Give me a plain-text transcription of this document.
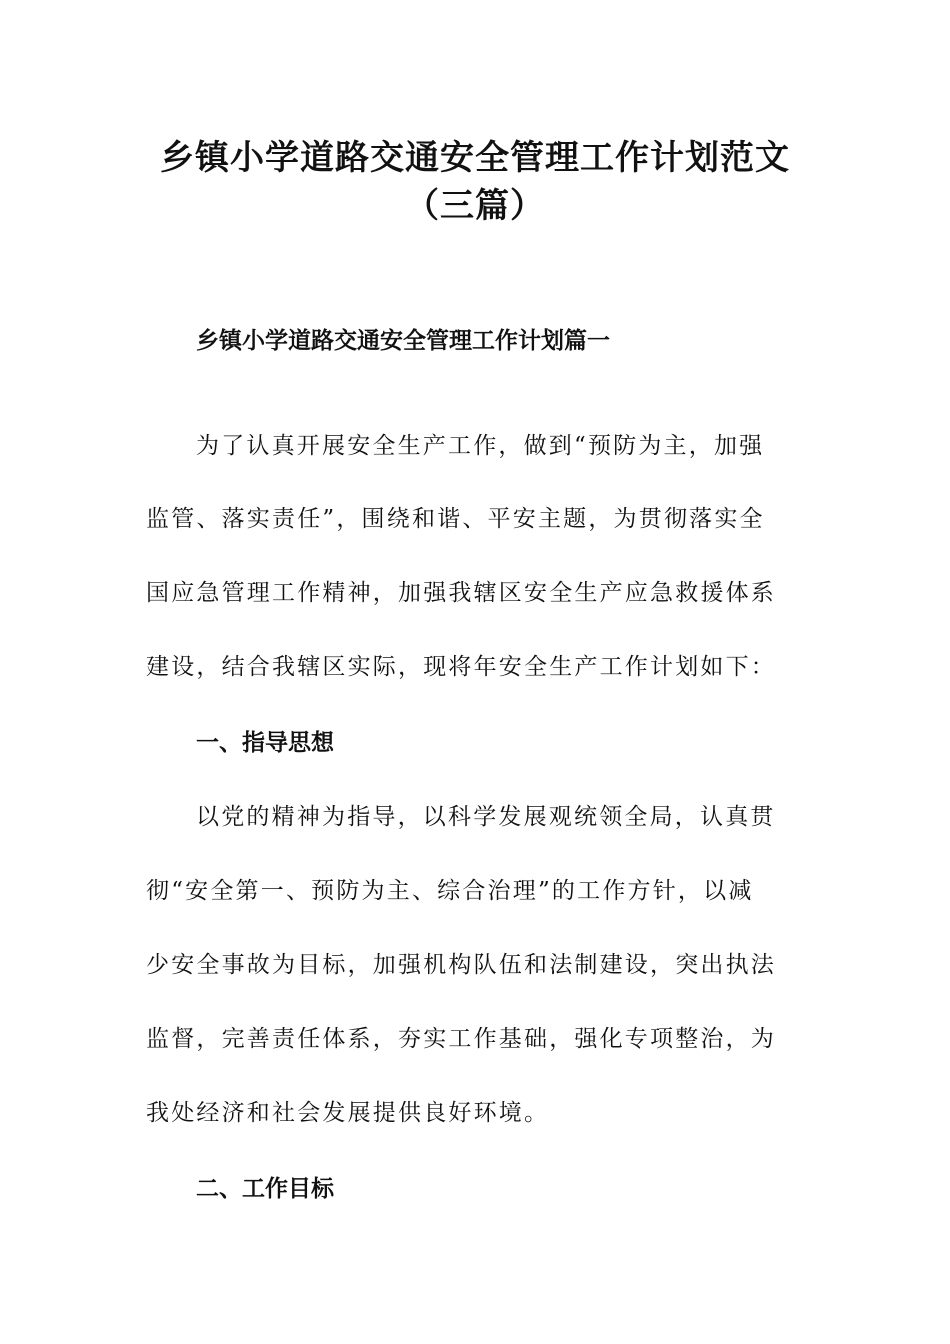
乡镇小学道路交通安全管理工作计划范文
（三篇）
乡镇小学道路交通安全管理工作计划篇一
为了认真开展安全生产工作，做到“预防为主，加强
监管、落实责任”，围绕和谐、平安主题，为贯彻落实全
国应急管理工作精神，加强我辖区安全生产应急救援体系
建设，结合我辖区实际，现将年安全生产工作计划如下：
一、指导思想
以党的精神为指导，以科学发展观统领全局，认真贯
彻“安全第一、预防为主、综合治理”的工作方针，以减
少安全事故为目标，加强机构队伍和法制建设，突出执法
监督，完善责任体系，夯实工作基础，强化专项整治，为
我处经济和社会发展提供良好环境。
二、工作目标
